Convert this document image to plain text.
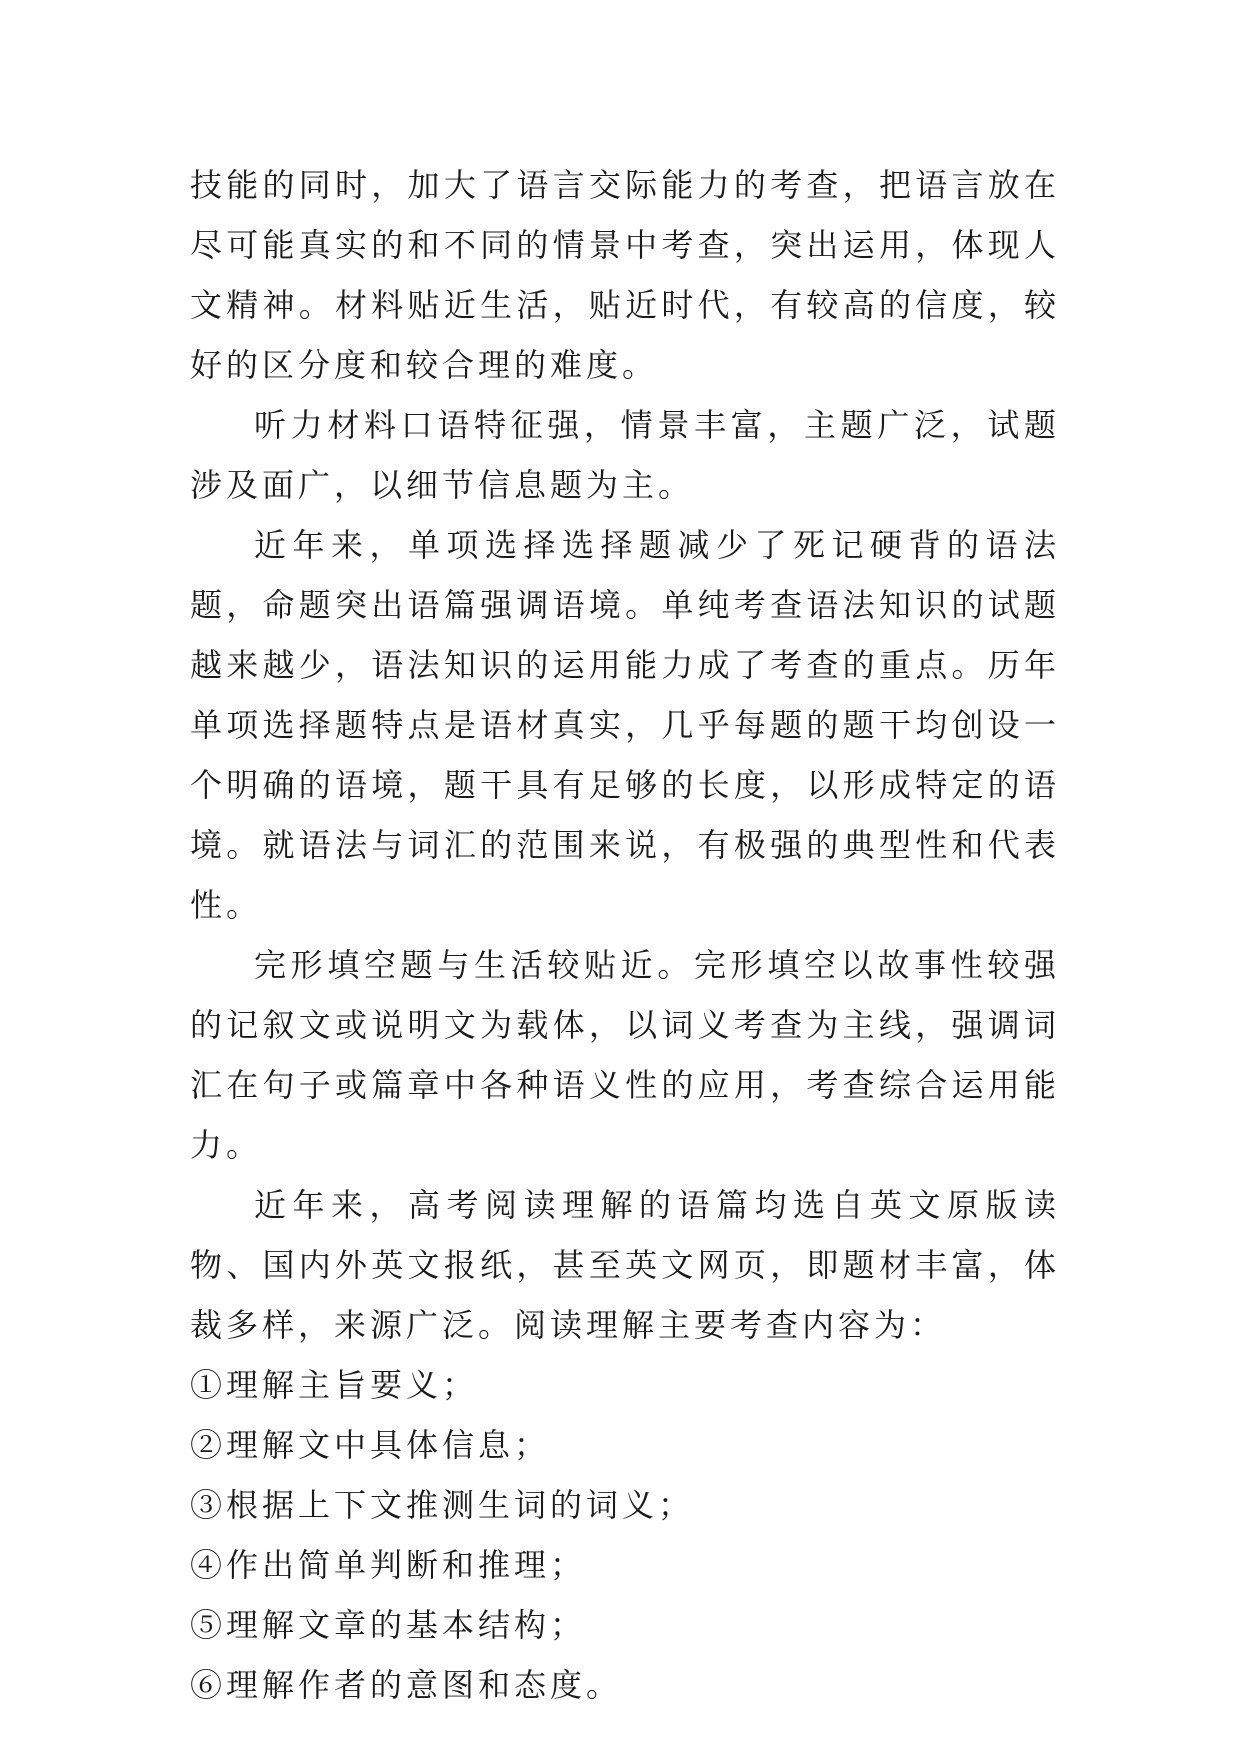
技能的同时，加大了语言交际能力的考查，把语言放在尽可能真实的和不同的情景中考查，突出运用，体现人文精神。材料贴近生活，贴近时代，有较高的信度，较好的区分度和较合理的难度。

听力材料口语特征强，情景丰富，主题广泛，试题涉及面广，以细节信息题为主。

近年来，单项选择选择题减少了死记硬背的语法题，命题突出语篇强调语境。单纯考查语法知识的试题越来越少，语法知识的运用能力成了考查的重点。历年单项选择题特点是语材真实，几乎每题的题干均创设一个明确的语境，题干具有足够的长度，以形成特定的语境。就语法与词汇的范围来说，有极强的典型性和代表性。

完形填空题与生活较贴近。完形填空以故事性较强的记叙文或说明文为载体，以词义考查为主线，强调词汇在句子或篇章中各种语义性的应用，考查综合运用能力。

近年来，高考阅读理解的语篇均选自英文原版读物、国内外英文报纸，甚至英文网页，即题材丰富，体裁多样，来源广泛。阅读理解主要考查内容为：

①理解主旨要义；

②理解文中具体信息；

③根据上下文推测生词的词义；

④作出简单判断和推理；

⑤理解文章的基本结构；

⑥理解作者的意图和态度。
